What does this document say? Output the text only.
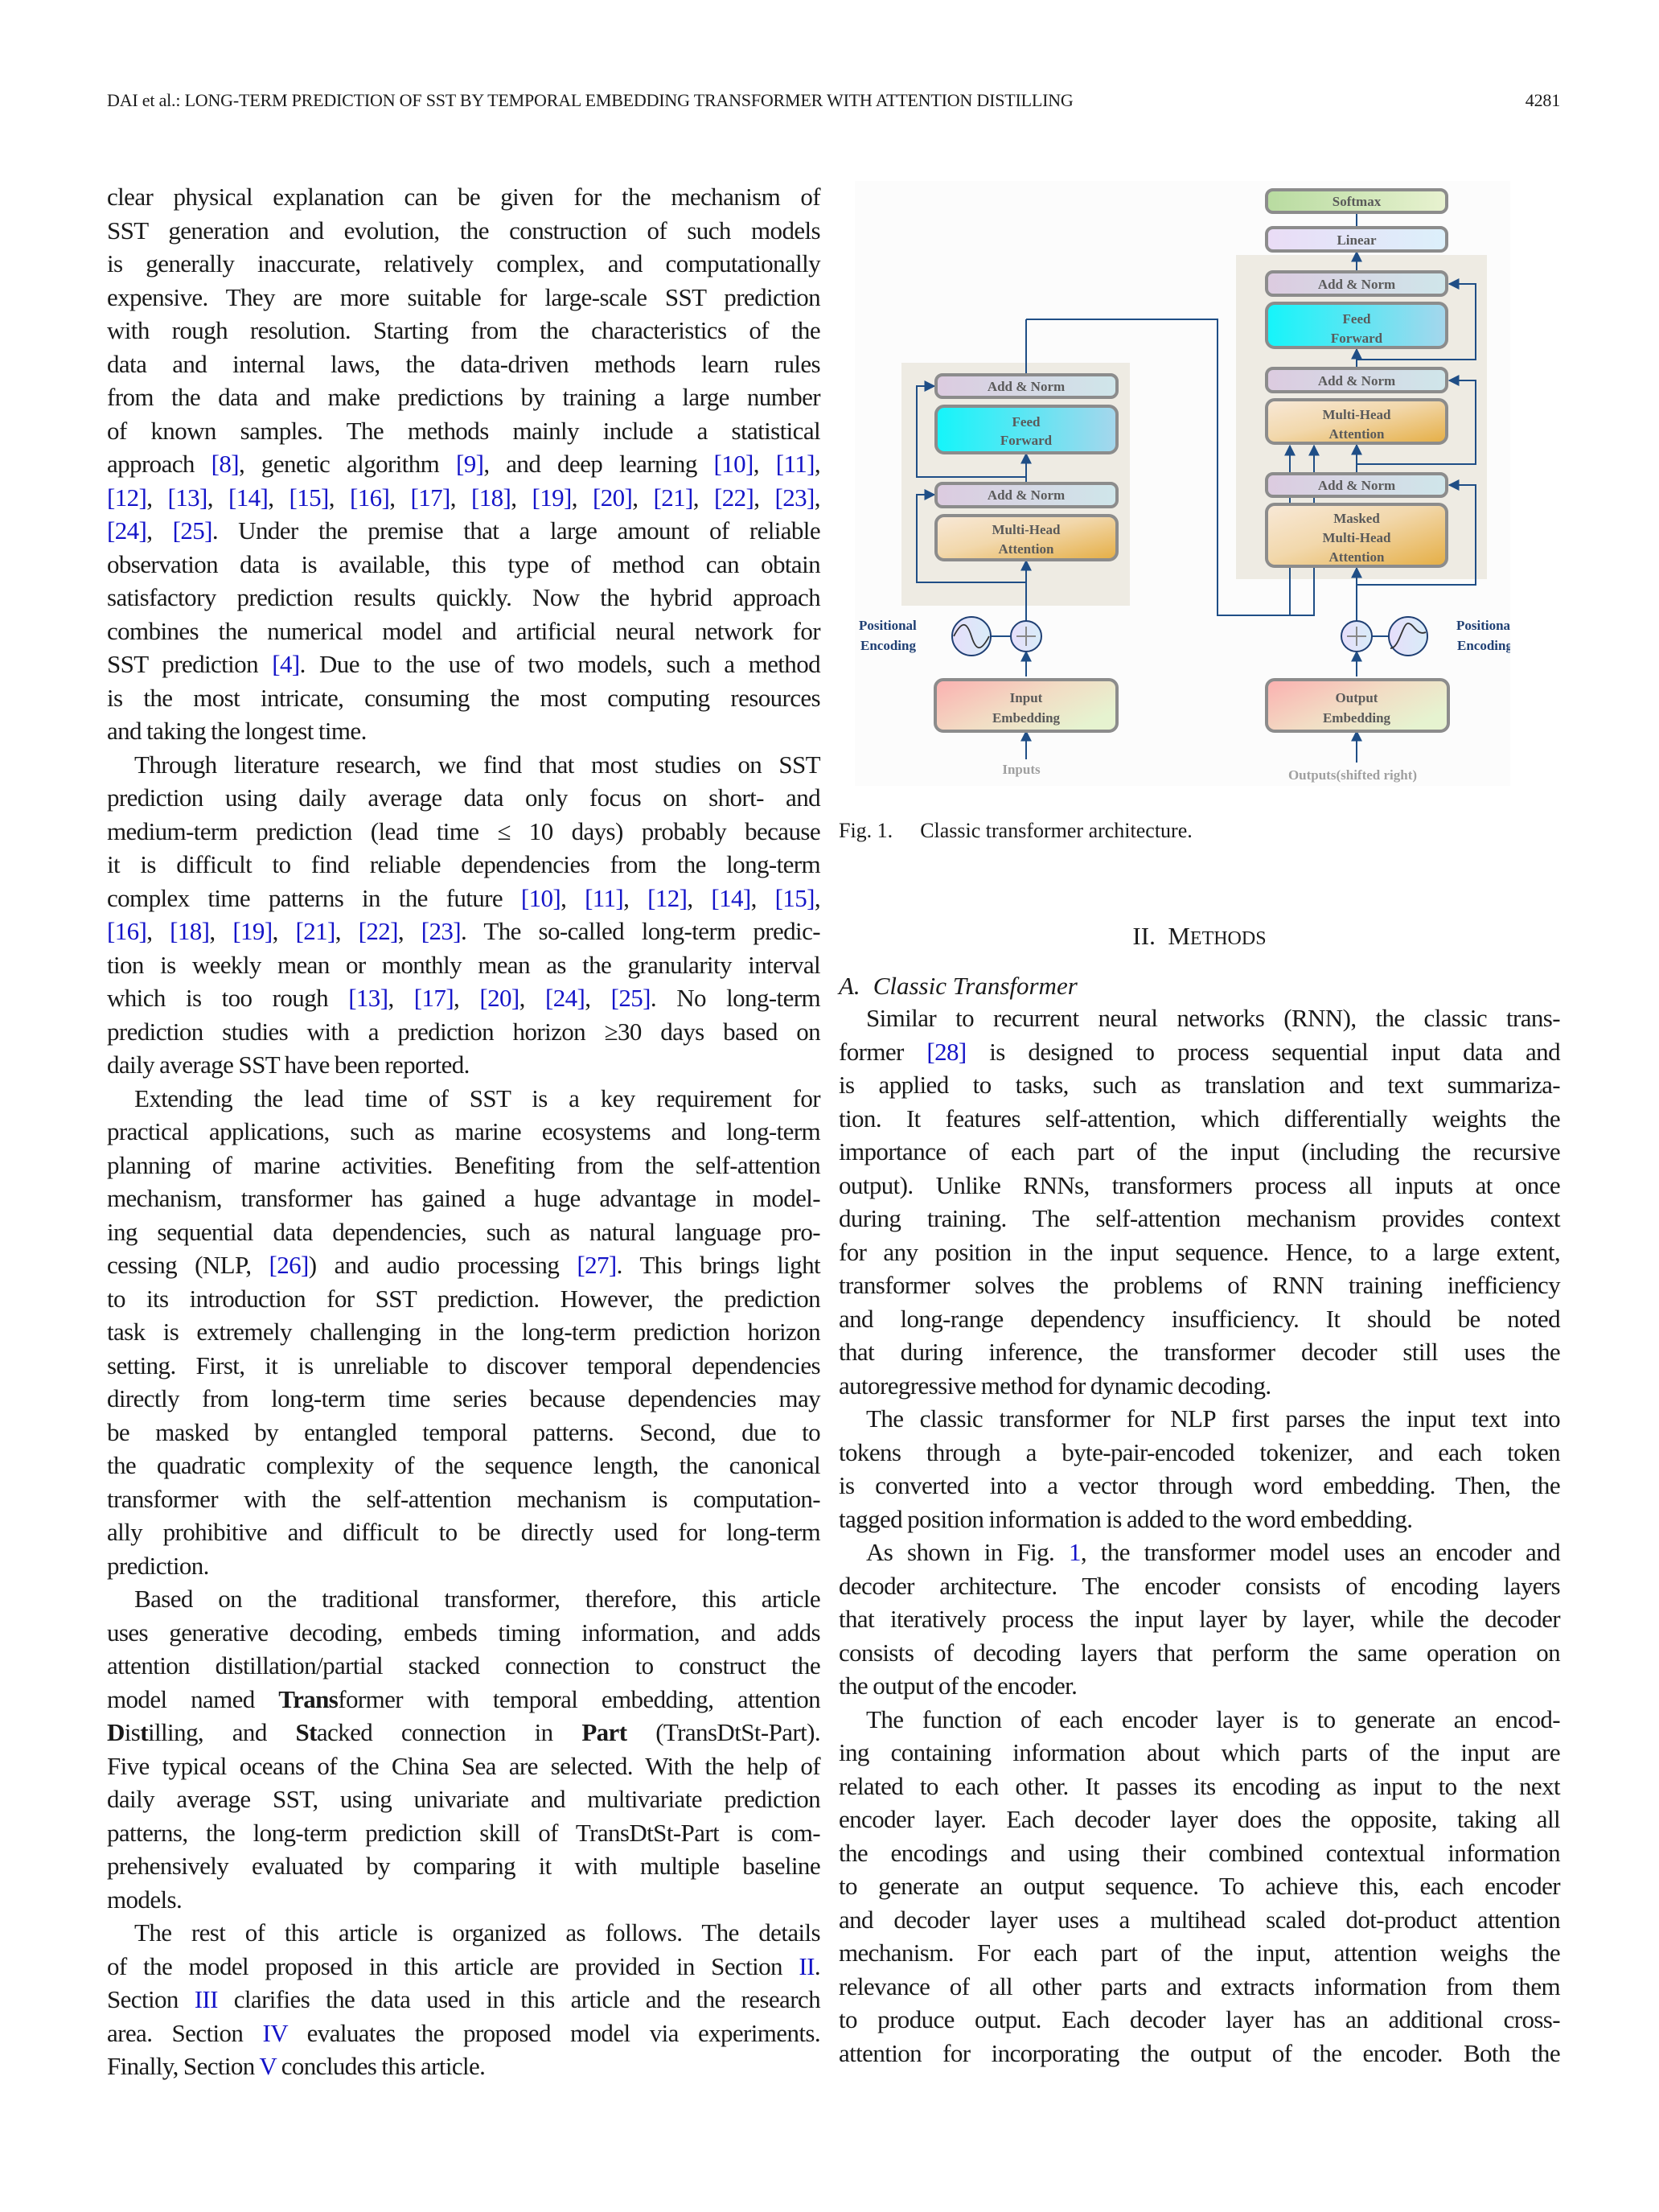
DAI et al.: LONG-TERM PREDICTION OF SST BY TEMPORAL EMBEDDING TRANSFORMER WITH ATTENTION DISTILLING	4281
clear physical explanation can be given for the mechanism of
SST generation and evolution, the construction of such models
is generally inaccurate, relatively complex, and computationally
expensive. They are more suitable for large-scale SST prediction
with rough resolution. Starting from the characteristics of the
data and internal laws, the data-driven methods learn rules
from the data and make predictions by training a large number
of known samples. The methods mainly include a statistical
approach [8], genetic algorithm [9], and deep learning [10], [11],
[12], [13], [14], [15], [16], [17], [18], [19], [20], [21], [22], [23],
[24], [25]. Under the premise that a large amount of reliable
observation data is available, this type of method can obtain
satisfactory prediction results quickly. Now the hybrid approach
combines the numerical model and artificial neural network for
SST prediction [4]. Due to the use of two models, such a method
is the most intricate, consuming the most computing resources
and taking the longest time.
Through literature research, we find that most studies on SST
prediction using daily average data only focus on short- and
medium-term prediction (lead time ≤ 10 days) probably because
it is difficult to find reliable dependencies from the long-term
complex time patterns in the future [10], [11], [12], [14], [15],
[16], [18], [19], [21], [22], [23]. The so-called long-term predic-
tion is weekly mean or monthly mean as the granularity interval
which is too rough [13], [17], [20], [24], [25]. No long-term
prediction studies with a prediction horizon ≥30 days based on
daily average SST have been reported.
Extending the lead time of SST is a key requirement for
practical applications, such as marine ecosystems and long-term
planning of marine activities. Benefiting from the self-attention
mechanism, transformer has gained a huge advantage in model-
ing sequential data dependencies, such as natural language pro-
cessing (NLP, [26]) and audio processing [27]. This brings light
to its introduction for SST prediction. However, the prediction
task is extremely challenging in the long-term prediction horizon
setting. First, it is unreliable to discover temporal dependencies
directly from long-term time series because dependencies may
be masked by entangled temporal patterns. Second, due to
the quadratic complexity of the sequence length, the canonical
transformer with the self-attention mechanism is computation-
ally prohibitive and difficult to be directly used for long-term
prediction.
Based on the traditional transformer, therefore, this article
uses generative decoding, embeds timing information, and adds
attention distillation/partial stacked connection to construct the
model named Transformer with temporal embedding, attention
Distilling, and Stacked connection in Part (TransDtSt-Part).
Five typical oceans of the China Sea are selected. With the help of
daily average SST, using univariate and multivariate prediction
patterns, the long-term prediction skill of TransDtSt-Part is com-
prehensively evaluated by comparing it with multiple baseline
models.
The rest of this article is organized as follows. The details
of the model proposed in this article are provided in Section II.
Section III clarifies the data used in this article and the research
area. Section IV evaluates the proposed model via experiments.
Finally, Section V concludes this article.
Add & Norm
Feed
Forward
Add & Norm
Multi-Head
Attention
Input
Embedding
Softmax
Linear
Add & Norm
Feed
Forward
Add & Norm
Multi-Head
Attention
Add & Norm
Masked
Multi-Head
Attention
Output
Embedding
Positional
Encoding
Positional
Encoding
Inputs	Outputs(shifted right)
Fig. 1. Classic transformer architecture.
II. METHODS
A. Classic Transformer
Similar to recurrent neural networks (RNN), the classic trans-
former [28] is designed to process sequential input data and
is applied to tasks, such as translation and text summariza-
tion. It features self-attention, which differentially weights the
importance of each part of the input (including the recursive
output). Unlike RNNs, transformers process all inputs at once
during training. The self-attention mechanism provides context
for any position in the input sequence. Hence, to a large extent,
transformer solves the problems of RNN training inefficiency
and long-range dependency insufficiency. It should be noted
that during inference, the transformer decoder still uses the
autoregressive method for dynamic decoding.
The classic transformer for NLP first parses the input text into
tokens through a byte-pair-encoded tokenizer, and each token
is converted into a vector through word embedding. Then, the
tagged position information is added to the word embedding.
As shown in Fig. 1, the transformer model uses an encoder and
decoder architecture. The encoder consists of encoding layers
that iteratively process the input layer by layer, while the decoder
consists of decoding layers that perform the same operation on
the output of the encoder.
The function of each encoder layer is to generate an encod-
ing containing information about which parts of the input are
related to each other. It passes its encoding as input to the next
encoder layer. Each decoder layer does the opposite, taking all
the encodings and using their combined contextual information
to generate an output sequence. To achieve this, each encoder
and decoder layer uses a multihead scaled dot-product attention
mechanism. For each part of the input, attention weighs the
relevance of all other parts and extracts information from them
to produce output. Each decoder layer has an additional cross-
attention for incorporating the output of the encoder. Both the
